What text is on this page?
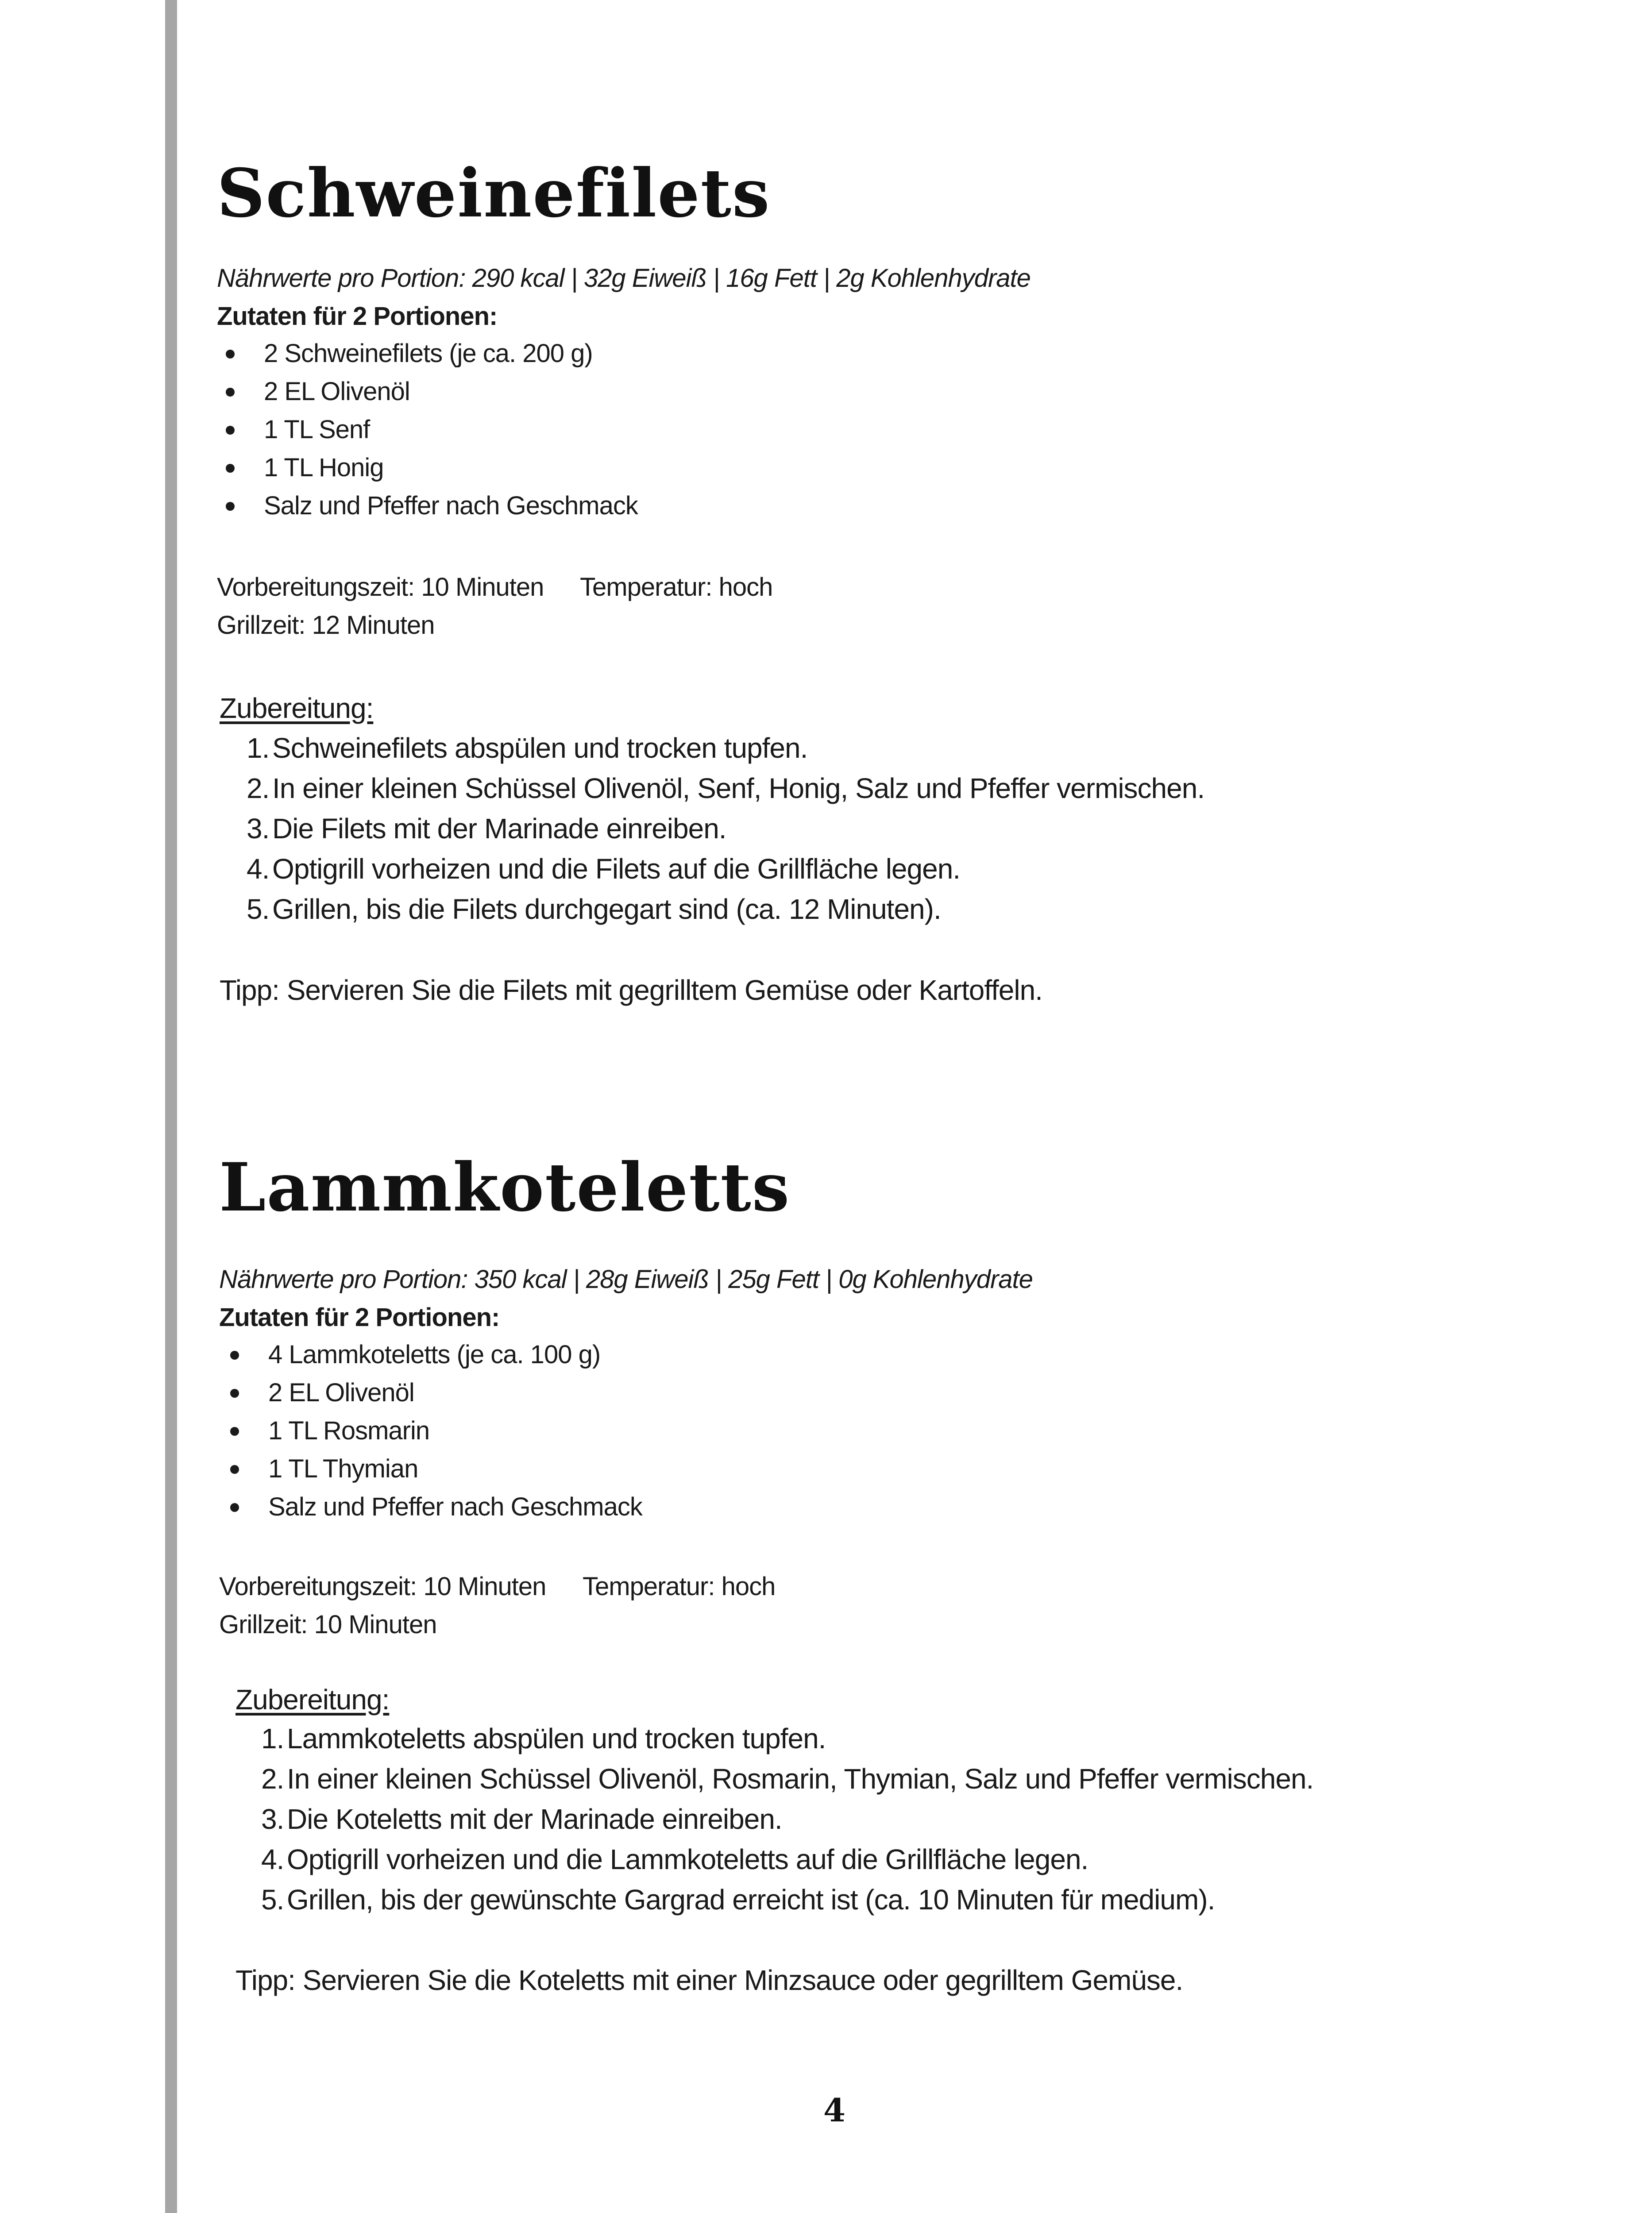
Schweinefilets
Nährwerte pro Portion: 290 kcal | 32g Eiweiß | 16g Fett | 2g Kohlenhydrate
Zutaten für 2 Portionen:
2 Schweinefilets (je ca. 200 g)
2 EL Olivenöl
1 TL Senf
1 TL Honig
Salz und Pfeffer nach Geschmack
Vorbereitungszeit: 10 Minuten Temperatur: hoch
Grillzeit: 12 Minuten
Zubereitung:
1. Schweinefilets abspülen und trocken tupfen.
2. In einer kleinen Schüssel Olivenöl, Senf, Honig, Salz und Pfeffer vermischen.
3. Die Filets mit der Marinade einreiben.
4. Optigrill vorheizen und die Filets auf die Grillfläche legen.
5. Grillen, bis die Filets durchgegart sind (ca. 12 Minuten).
Tipp: Servieren Sie die Filets mit gegrilltem Gemüse oder Kartoffeln.
Lammkoteletts
Nährwerte pro Portion: 350 kcal | 28g Eiweiß | 25g Fett | 0g Kohlenhydrate
Zutaten für 2 Portionen:
4 Lammkoteletts (je ca. 100 g)
2 EL Olivenöl
1 TL Rosmarin
1 TL Thymian
Salz und Pfeffer nach Geschmack
Vorbereitungszeit: 10 Minuten Temperatur: hoch
Grillzeit: 10 Minuten
Zubereitung:
1. Lammkoteletts abspülen und trocken tupfen.
2. In einer kleinen Schüssel Olivenöl, Rosmarin, Thymian, Salz und Pfeffer vermischen.
3. Die Koteletts mit der Marinade einreiben.
4. Optigrill vorheizen und die Lammkoteletts auf die Grillfläche legen.
5. Grillen, bis der gewünschte Gargrad erreicht ist (ca. 10 Minuten für medium).
Tipp: Servieren Sie die Koteletts mit einer Minzsauce oder gegrilltem Gemüse.
4
